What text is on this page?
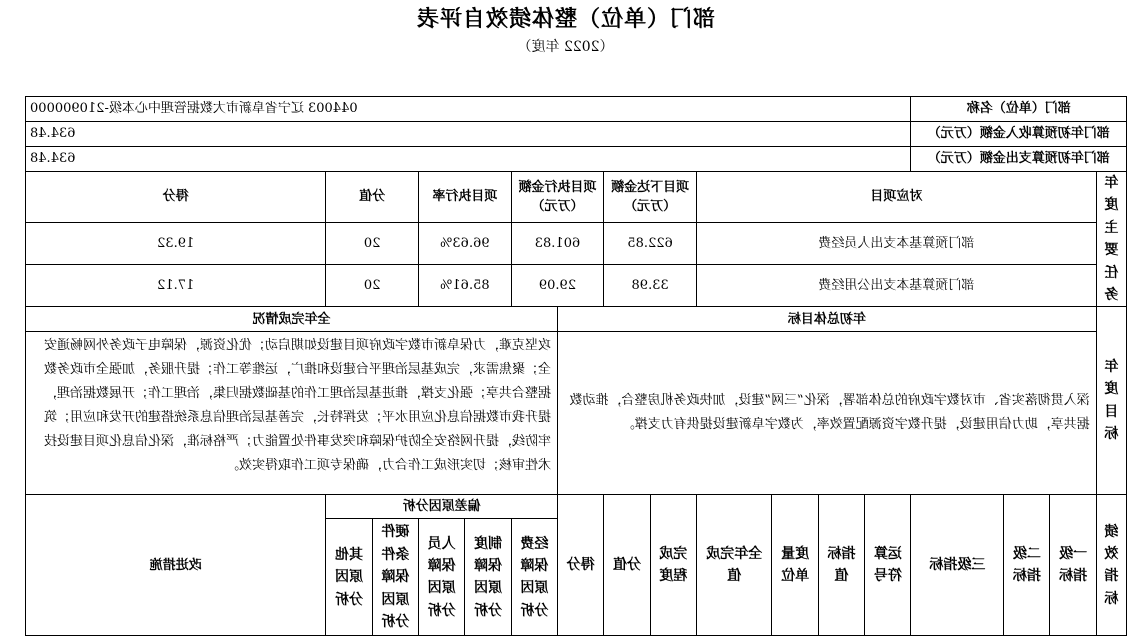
部门（单位）整体绩效自评表
（2022 年度）
部门（单位）名称				044003 辽宁省阜新市大数据管理中心本级-210900000												
部门年初预算收入金额（万元）				634.48												
部门年初预算支出金额（万元）				634.48												
年度主要任务	对应项目							项目下达金额（万元）		项目执行金额（万元）		项目执行率		分值		得分
	部门预算基本支出人员经费							622.85		601.83		96.63%		20		19.32
	部门预算基本支出公用经费							33.98		29.09		85.61%		20		17.12
年度目标	年初总体目标										全年完成情况					
	深入贯彻落实省、市对数字政府的总体部署，深化“三网”建设，加快政务机房整合，推动数据共享，助力信用建设，提升数字资源配置效率，为数字阜新建设提供有力支撑。										攻坚克难，力保阜新市数字政府项目建设如期启动；优化资源，保障电子政务外网畅通安全；聚焦需求，完成基层治理平台建设和推广，运维等工作；提升服务，加强全市政务数据整合共享；强化支撑，推进基层治理工作的基础数据归集，治理工作；开展数据治理，提升我市数据信息化应用水平；发挥特长，完善基层治理信息系统搭建的开发和应用；筑牢防线，提升网络安全防护保障和突发事件处置能力；严格标准，深化信息化项目建设技术性审核；切实形成工作合力，确保专项工作取得实效。					
绩效指标	一级指标	二级指标	三级指标	运算符号	指标值	度量单位	全年完成值	完成程度	分值	得分	偏差原因分析					改进措施
											经费保障原因分析	制度保障原因分析	人员保障原因分析	硬件条件保障原因分析	其他原因分析	
